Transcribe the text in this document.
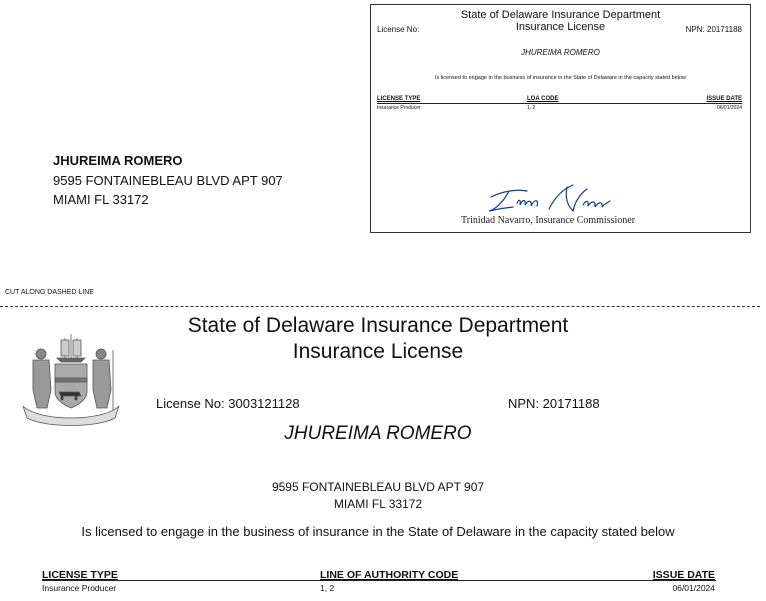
State of Delaware Insurance Department
Insurance License
License No:	NPN: 20171188
JHUREIMA ROMERO
Is licensed to engage in the business of insurance in the State of Delaware in the capacity stated below
LICENSE TYPE	LOA CODE	ISSUE DATE
Insurance Producer	1, 2	06/01/2024
Trinidad Navarro, Insurance Commissioner
JHUREIMA ROMERO
9595 FONTAINEBLEAU BLVD APT 907
MIAMI FL 33172
CUT ALONG DASHED LINE
State of Delaware Insurance Department
Insurance License
License No: 3003121128	NPN: 20171188
JHUREIMA ROMERO
9595 FONTAINEBLEAU BLVD APT 907
MIAMI FL 33172
Is licensed to engage in the business of insurance in the State of Delaware in the capacity stated below
LICENSE TYPE	LINE OF AUTHORITY CODE	ISSUE DATE
Insurance Producer	1, 2	06/01/2024
